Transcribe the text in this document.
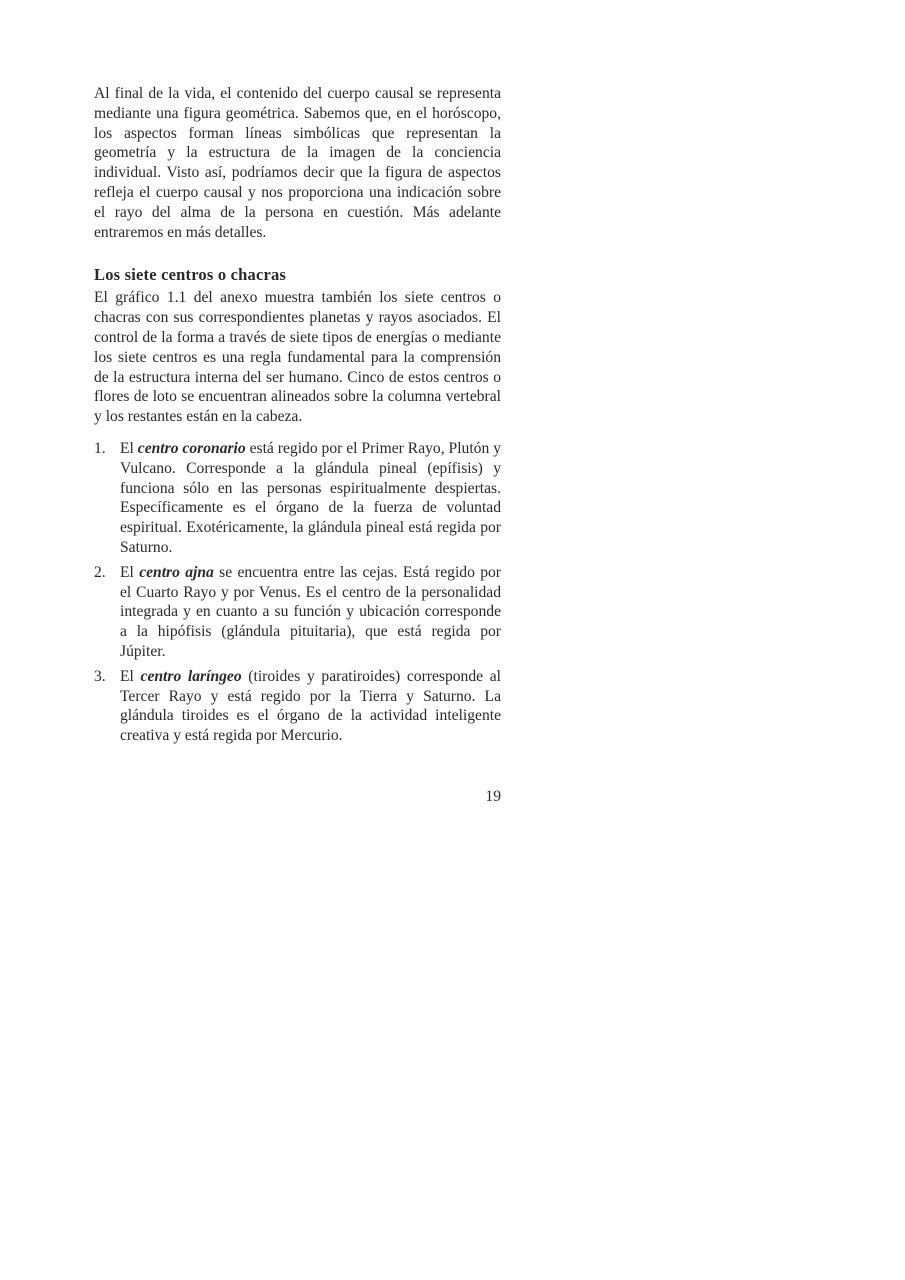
Al final de la vida, el contenido del cuerpo causal se representa mediante una figura geométrica. Sabemos que, en el horóscopo, los aspectos forman líneas simbólicas que representan la geometría y la estructura de la imagen de la conciencia individual. Visto así, podríamos decir que la figura de aspectos refleja el cuerpo causal y nos proporciona una indicación sobre el rayo del alma de la persona en cuestión. Más adelante entraremos en más detalles.

Los siete centros o chacras

El gráfico 1.1 del anexo muestra también los siete centros o chacras con sus correspondientes planetas y rayos asociados. El control de la forma a través de siete tipos de energías o mediante los siete centros es una regla fundamental para la comprensión de la estructura interna del ser humano. Cinco de estos centros o flores de loto se encuentran alineados sobre la columna vertebral y los restantes están en la cabeza.

1. El centro coronario está regido por el Primer Rayo, Plutón y Vulcano. Corresponde a la glándula pineal (epífisis) y funciona sólo en las personas espiritualmente despiertas. Específicamente es el órgano de la fuerza de voluntad espiritual. Exotéricamente, la glándula pineal está regida por Saturno.
2. El centro ajna se encuentra entre las cejas. Está regido por el Cuarto Rayo y por Venus. Es el centro de la personalidad integrada y en cuanto a su función y ubicación corresponde a la hipófisis (glándula pituitaria), que está regida por Júpiter.
3. El centro laríngeo (tiroides y paratiroides) corresponde al Tercer Rayo y está regido por la Tierra y Saturno. La glándula tiroides es el órgano de la actividad inteligente creativa y está regida por Mercurio.
19
